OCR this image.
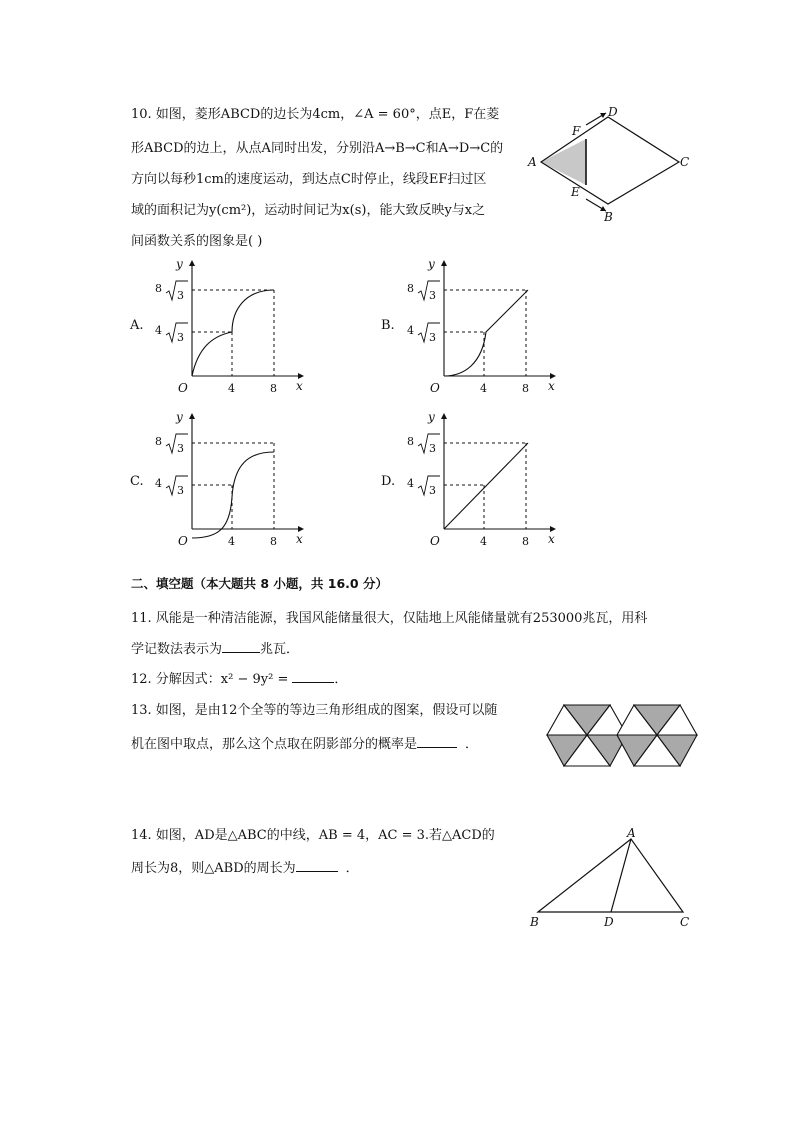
10. 如图，菱形ABCD的边长为4cm，∠A = 60°，点E，F在菱
形ABCD的边上，从点A同时出发，分别沿A→B→C和A→D→C的
方向以每秒1cm的速度运动，到达点C时停止，线段EF扫过区
域的面积记为y(cm²)，运动时间记为x(s)，能大致反映y与x之
间函数关系的图象是( )
A
B
C
D
E
F
A.	B.
C.	D.
y
x
O
8
3
4
3
4	8
y
x
O
8
3
4
3
4	8
y
x
O
8
3
4
3
4	8
y
x
O
8
3
4
3
4	8
二、填空题（本大题共 8 小题，共 16.0 分）
11. 风能是一种清洁能源，我国风能储量很大，仅陆地上风能储量就有253000兆瓦，用科
学记数法表示为	兆瓦．
12. 分解因式：x² − 9y² =	．
13. 如图，是由12个全等的等边三角形组成的图案，假设可以随
机在图中取点，那么这个点取在阴影部分的概率是	．
14. 如图，AD是△ABC的中线，AB = 4，AC = 3.若△ACD的
周长为8，则△ABD的周长为	．
A
B	C
D
